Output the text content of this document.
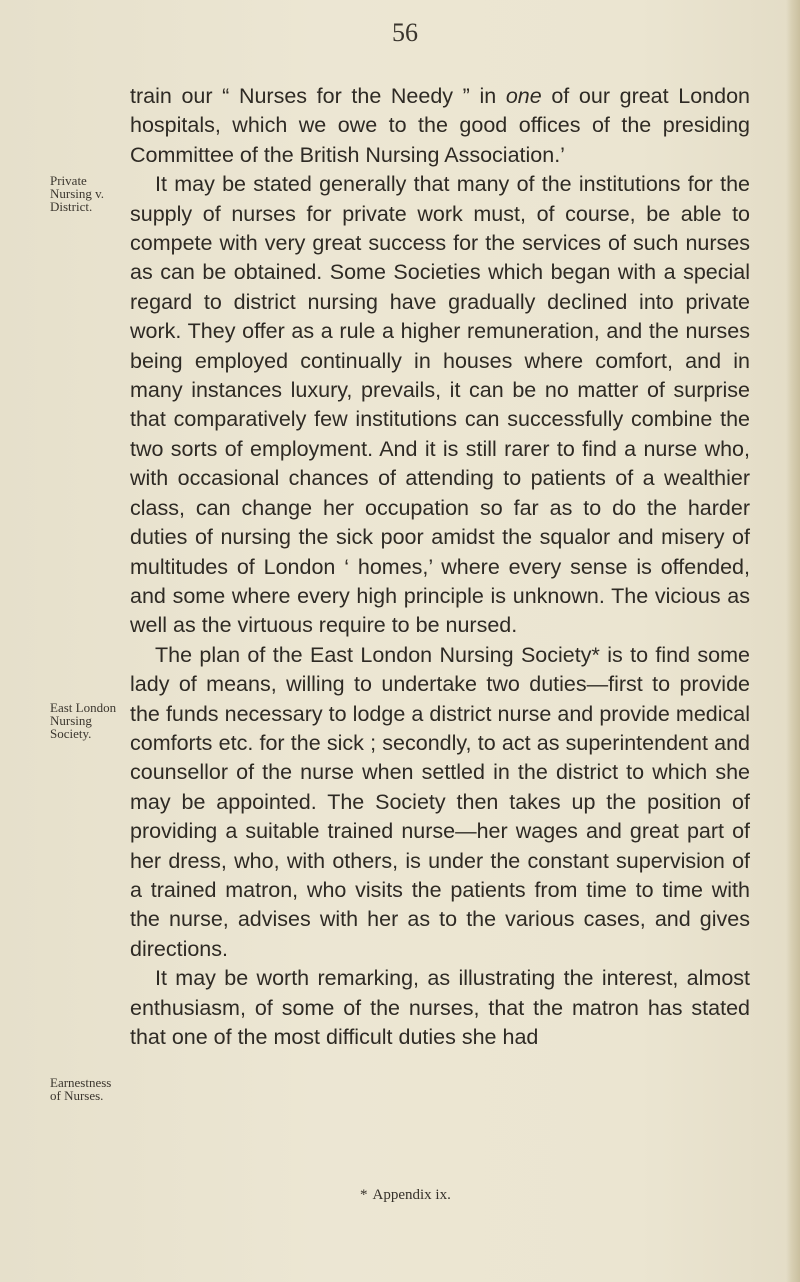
56
Private
Nursing v.
District.
East London
Nursing
Society.
Earnestness
of Nurses.

train our “ Nurses for the Needy ” in one of our great London hospitals, which we owe to the good offices of the presiding Committee of the British Nursing Association.’

It may be stated generally that many of the institutions for the supply of nurses for private work must, of course, be able to compete with very great success for the services of such nurses as can be obtained. Some Societies which began with a special regard to district nursing have gradually declined into private work. They offer as a rule a higher remuneration, and the nurses being employed continually in houses where comfort, and in many instances luxury, prevails, it can be no matter of surprise that comparatively few institutions can successfully combine the two sorts of employment. And it is still rarer to find a nurse who, with occasional chances of attending to patients of a wealthier class, can change her occupation so far as to do the harder duties of nursing the sick poor amidst the squalor and misery of multitudes of London ‘ homes,’ where every sense is offended, and some where every high principle is unknown. The vicious as well as the virtuous require to be nursed.

The plan of the East London Nursing Society* is to find some lady of means, willing to undertake two duties—first to provide the funds necessary to lodge a district nurse and provide medical comforts etc. for the sick ; secondly, to act as superintendent and counsellor of the nurse when settled in the district to which she may be appointed. The Society then takes up the position of providing a suitable trained nurse—her wages and great part of her dress, who, with others, is under the constant supervision of a trained matron, who visits the patients from time to time with the nurse, advises with her as to the various cases, and gives directions.

It may be worth remarking, as illustrating the interest, almost enthusiasm, of some of the nurses, that the matron has stated that one of the most difficult duties she had

* Appendix ix.
